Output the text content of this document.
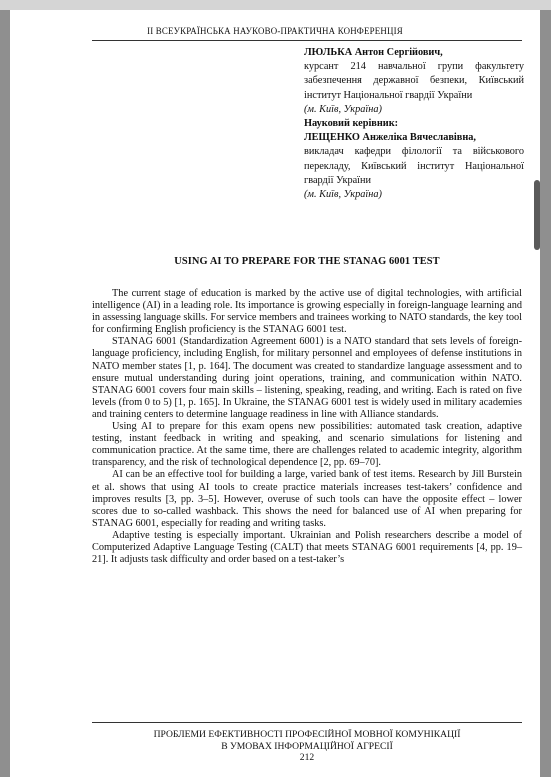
ІІ ВСЕУКРАЇНСЬКА НАУКОВО-ПРАКТИЧНА КОНФЕРЕНЦІЯ

ЛЮЛЬКА Антон Сергійович,

курсант 214 навчальної групи факультету забезпечення державної безпеки, Київський інститут Національної гвардії України

(м. Київ, Україна)

Науковий керівник:

ЛЕЩЕНКО Анжеліка Вячеславівна,

викладач кафедри філології та військового перекладу, Київський інститут Національної гвардії України

(м. Київ, Україна)

USING AI TO PREPARE FOR THE STANAG 6001 TEST

The current stage of education is marked by the active use of digital technologies, with artificial intelligence (AI) in a leading role. Its importance is growing especially in foreign-language learning and in assessing language skills. For service members and trainees working to NATO standards, the key tool for confirming English proficiency is the STANAG 6001 test.

STANAG 6001 (Standardization Agreement 6001) is a NATO standard that sets levels of foreign-language proficiency, including English, for military personnel and employees of defense institutions in NATO member states [1, p. 164]. The document was created to standardize language assessment and to ensure mutual understanding during joint operations, training, and communication within NATO. STANAG 6001 covers four main skills – listening, speaking, reading, and writing. Each is rated on five levels (from 0 to 5) [1, p. 165]. In Ukraine, the STANAG 6001 test is widely used in military academies and training centers to determine language readiness in line with Alliance standards.

Using AI to prepare for this exam opens new possibilities: automated task creation, adaptive testing, instant feedback in writing and speaking, and scenario simulations for listening and communication practice. At the same time, there are challenges related to academic integrity, algorithm transparency, and the risk of technological dependence [2, pp. 69–70].

AI can be an effective tool for building a large, varied bank of test items. Research by Jill Burstein et al. shows that using AI tools to create practice materials increases test-takers’ confidence and improves results [3, pp. 3–5]. However, overuse of such tools can have the opposite effect – lower scores due to so-called washback. This shows the need for balanced use of AI when preparing for STANAG 6001, especially for reading and writing tasks.

Adaptive testing is especially important. Ukrainian and Polish researchers describe a model of Computerized Adaptive Language Testing (CALT) that meets STANAG 6001 requirements [4, pp. 19–21]. It adjusts task difficulty and order based on a test-taker’s

ПРОБЛЕМИ ЕФЕКТИВНОСТІ ПРОФЕСІЙНОЇ МОВНОЇ КОМУНІКАЦІЇ
В УМОВАХ ІНФОРМАЦІЙНОЇ АГРЕСІЇ
212
